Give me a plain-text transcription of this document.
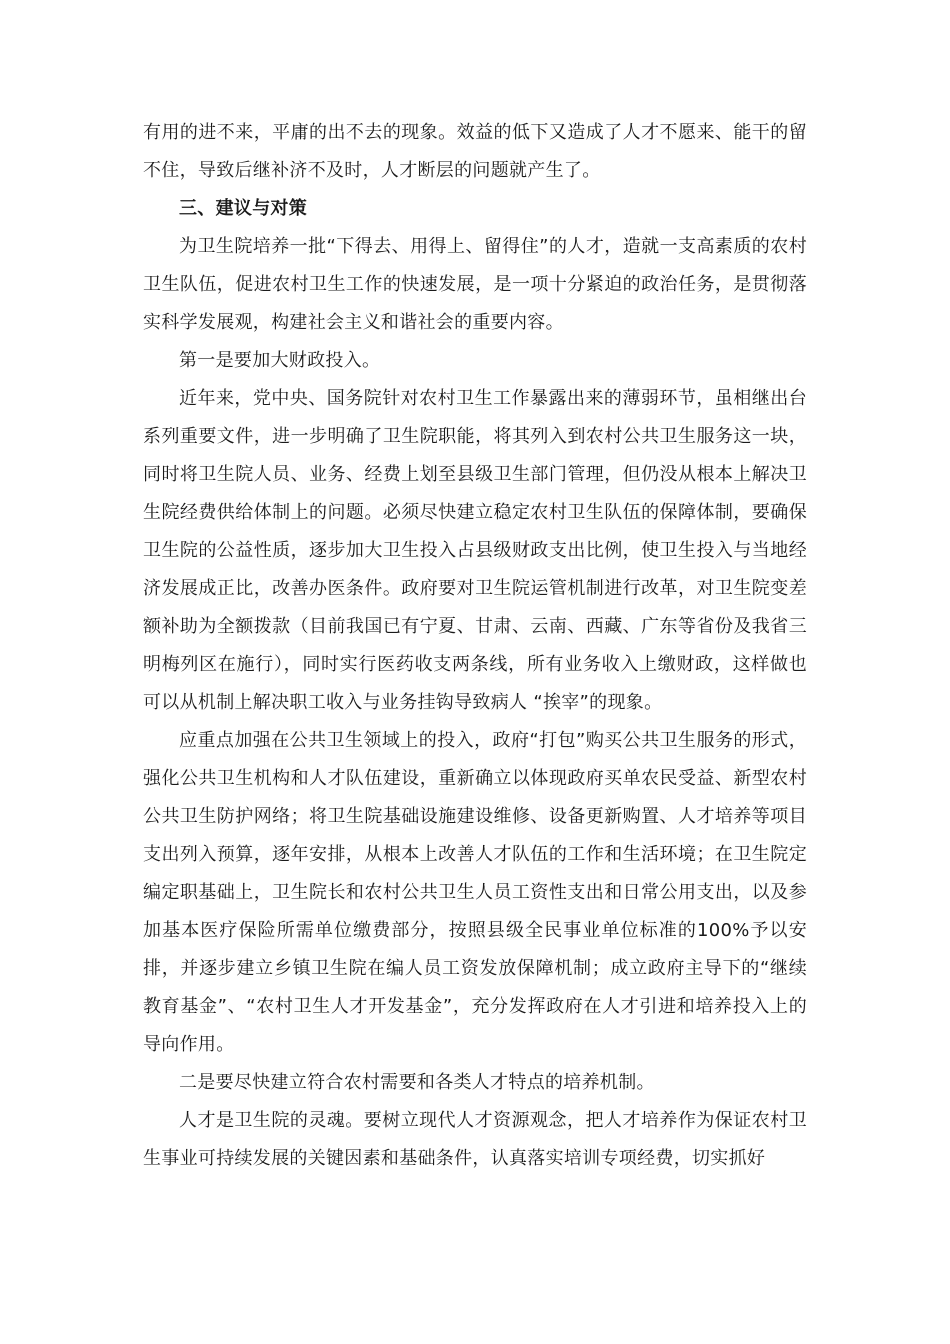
有用的进不来，平庸的出不去的现象。效益的低下又造成了人才不愿来、能干的留不住，导致后继补济不及时，人才断层的问题就产生了。

三、建议与对策

为卫生院培养一批“下得去、用得上、留得住”的人才，造就一支高素质的农村卫生队伍，促进农村卫生工作的快速发展，是一项十分紧迫的政治任务，是贯彻落实科学发展观，构建社会主义和谐社会的重要内容。

第一是要加大财政投入。

近年来，党中央、国务院针对农村卫生工作暴露出来的薄弱环节，虽相继出台系列重要文件，进一步明确了卫生院职能，将其列入到农村公共卫生服务这一块，同时将卫生院人员、业务、经费上划至县级卫生部门管理，但仍没从根本上解决卫生院经费供给体制上的问题。必须尽快建立稳定农村卫生队伍的保障体制，要确保卫生院的公益性质，逐步加大卫生投入占县级财政支出比例，使卫生投入与当地经济发展成正比，改善办医条件。政府要对卫生院运管机制进行改革，对卫生院变差额补助为全额拨款（目前我国已有宁夏、甘肃、云南、西藏、广东等省份及我省三明梅列区在施行），同时实行医药收支两条线，所有业务收入上缴财政，这样做也可以从机制上解决职工收入与业务挂钩导致病人 “挨宰”的现象。

应重点加强在公共卫生领域上的投入，政府“打包”购买公共卫生服务的形式，强化公共卫生机构和人才队伍建设，重新确立以体现政府买单农民受益、新型农村公共卫生防护网络；将卫生院基础设施建设维修、设备更新购置、人才培养等项目支出列入预算，逐年安排，从根本上改善人才队伍的工作和生活环境；在卫生院定编定职基础上，卫生院长和农村公共卫生人员工资性支出和日常公用支出，以及参加基本医疗保险所需单位缴费部分，按照县级全民事业单位标准的100%予以安排，并逐步建立乡镇卫生院在编人员工资发放保障机制；成立政府主导下的“继续教育基金”、“农村卫生人才开发基金”，充分发挥政府在人才引进和培养投入上的导向作用。

二是要尽快建立符合农村需要和各类人才特点的培养机制。

人才是卫生院的灵魂。要树立现代人才资源观念，把人才培养作为保证农村卫生事业可持续发展的关键因素和基础条件，认真落实培训专项经费，切实抓好
